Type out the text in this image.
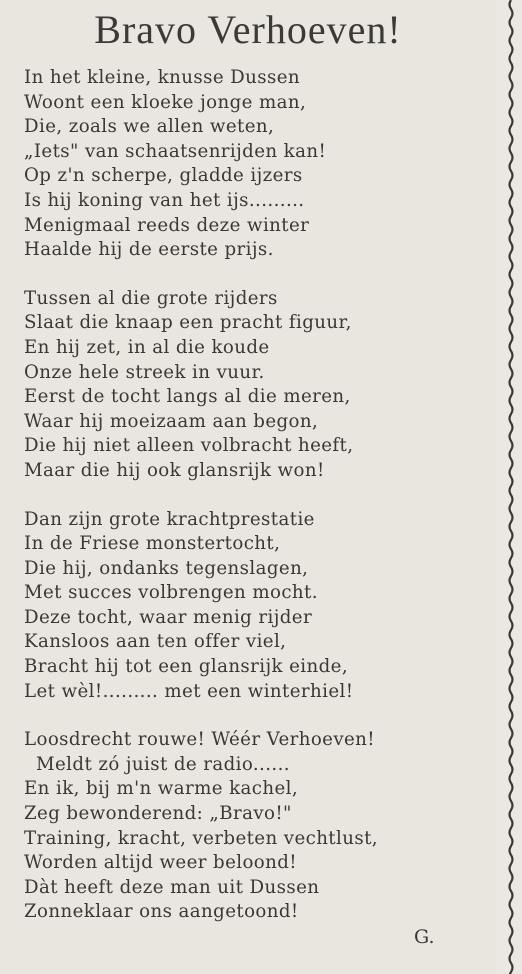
Bravo Verhoeven!
In het kleine, knusse Dussen
Woont een kloeke jonge man,
Die, zoals we allen weten,
„Iets" van schaatsenrijden kan!
Op z'n scherpe, gladde ijzers
Is hij koning van het ijs.........
Menigmaal reeds deze winter
Haalde hij de eerste prijs.
Tussen al die grote rijders
Slaat die knaap een pracht figuur,
En hij zet, in al die koude
Onze hele streek in vuur.
Eerst de tocht langs al die meren,
Waar hij moeizaam aan begon,
Die hij niet alleen volbracht heeft,
Maar die hij ook glansrijk won!
Dan zijn grote krachtprestatie
In de Friese monstertocht,
Die hij, ondanks tegenslagen,
Met succes volbrengen mocht.
Deze tocht, waar menig rijder
Kansloos aan ten offer viel,
Bracht hij tot een glansrijk einde,
Let wèl!......... met een winterhiel!
Loosdrecht rouwe! Wéér Verhoeven!
Meldt zó juist de radio......
En ik, bij m'n warme kachel,
Zeg bewonderend: „Bravo!"
Training, kracht, verbeten vechtlust,
Worden altijd weer beloond!
Dàt heeft deze man uit Dussen
Zonneklaar ons aangetoond!
G.
